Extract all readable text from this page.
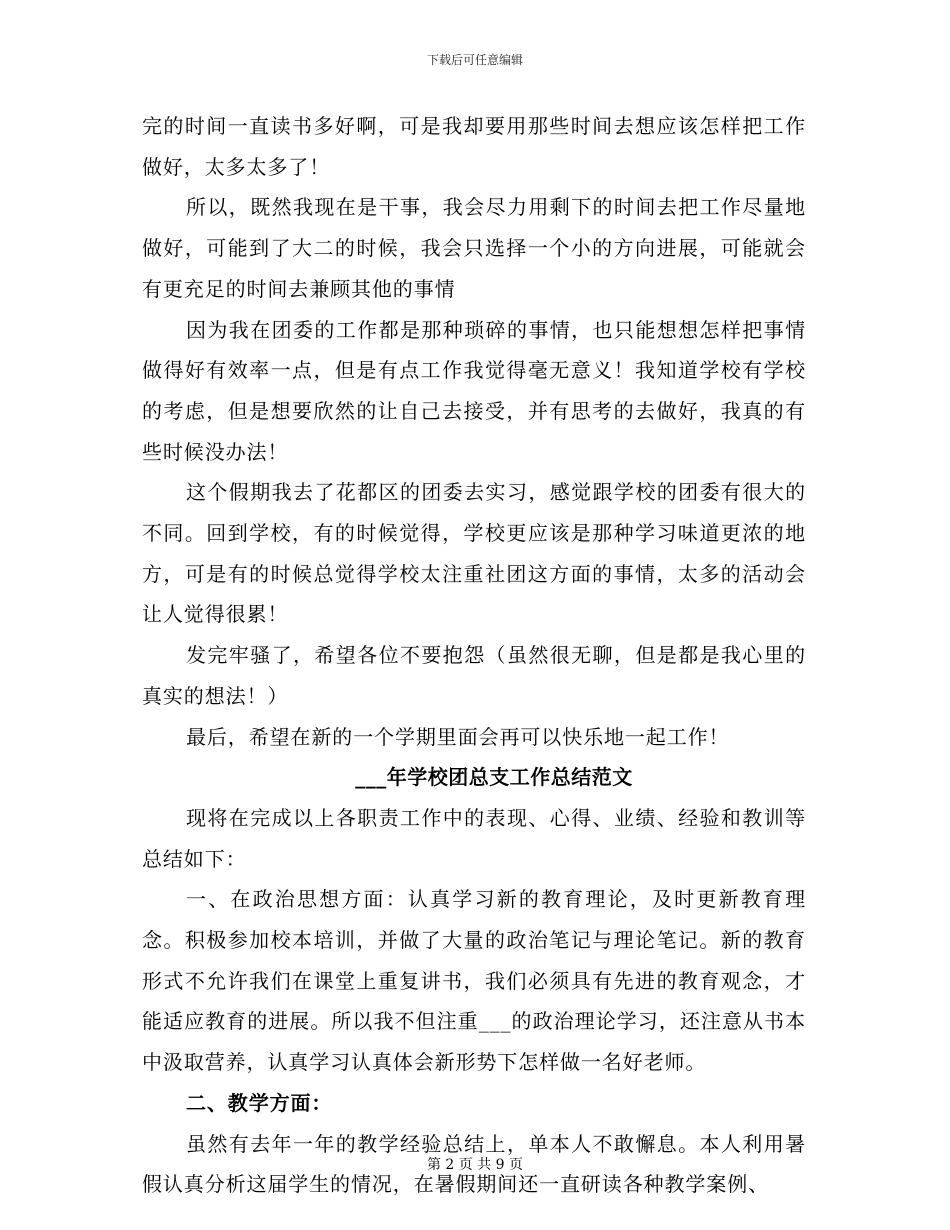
下载后可任意编辑

完的时间一直读书多好啊，可是我却要用那些时间去想应该怎样把工作做好，太多太多了！

所以，既然我现在是干事，我会尽力用剩下的时间去把工作尽量地做好，可能到了大二的时候，我会只选择一个小的方向进展，可能就会有更充足的时间去兼顾其他的事情

因为我在团委的工作都是那种琐碎的事情，也只能想想怎样把事情做得好有效率一点，但是有点工作我觉得毫无意义！我知道学校有学校的考虑，但是想要欣然的让自己去接受，并有思考的去做好，我真的有些时候没办法！

这个假期我去了花都区的团委去实习，感觉跟学校的团委有很大的不同。回到学校，有的时候觉得，学校更应该是那种学习味道更浓的地方，可是有的时候总觉得学校太注重社团这方面的事情，太多的活动会让人觉得很累！

发完牢骚了，希望各位不要抱怨（虽然很无聊，但是都是我心里的真实的想法！）

最后，希望在新的一个学期里面会再可以快乐地一起工作！

___年学校团总支工作总结范文

现将在完成以上各职责工作中的表现、心得、业绩、经验和教训等总结如下：

一、在政治思想方面：认真学习新的教育理论，及时更新教育理念。积极参加校本培训，并做了大量的政治笔记与理论笔记。新的教育形式不允许我们在课堂上重复讲书，我们必须具有先进的教育观念，才能适应教育的进展。所以我不但注重___的政治理论学习，还注意从书本中汲取营养，认真学习认真体会新形势下怎样做一名好老师。

二、教学方面：

虽然有去年一年的教学经验总结上，单本人不敢懈息。本人利用暑假认真分析这届学生的情况，在暑假期间还一直研读各种教学案例、

第 2 页 共 9 页
